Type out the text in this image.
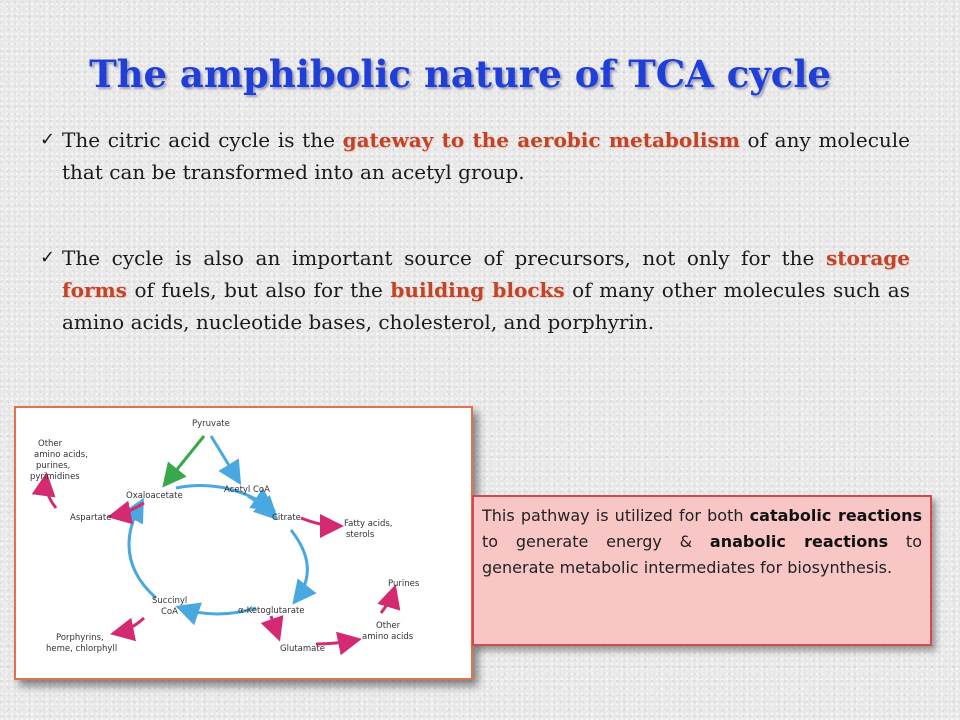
The amphibolic nature of TCA cycle
✓ The citric acid cycle is the gateway to the aerobic metabolism of any molecule that can be transformed into an acetyl group.
✓ The cycle is also an important source of precursors, not only for the storage forms of fuels, but also for the building blocks of many other molecules such as amino acids, nucleotide bases, cholesterol, and porphyrin.
Pyruvate
Acetyl CoA
Citrate
Fatty acids,
sterols
α-Ketoglutarate
Glutamate
Other
amino acids
Purines
Succinyl
CoA
Porphyrins,
heme, chlorphyll
Oxaloacetate
Aspartate
Other
amino acids,
purines,
pyrimidines
This pathway is utilized for both catabolic reactions to generate energy & anabolic reactions to generate metabolic intermediates for biosynthesis.
